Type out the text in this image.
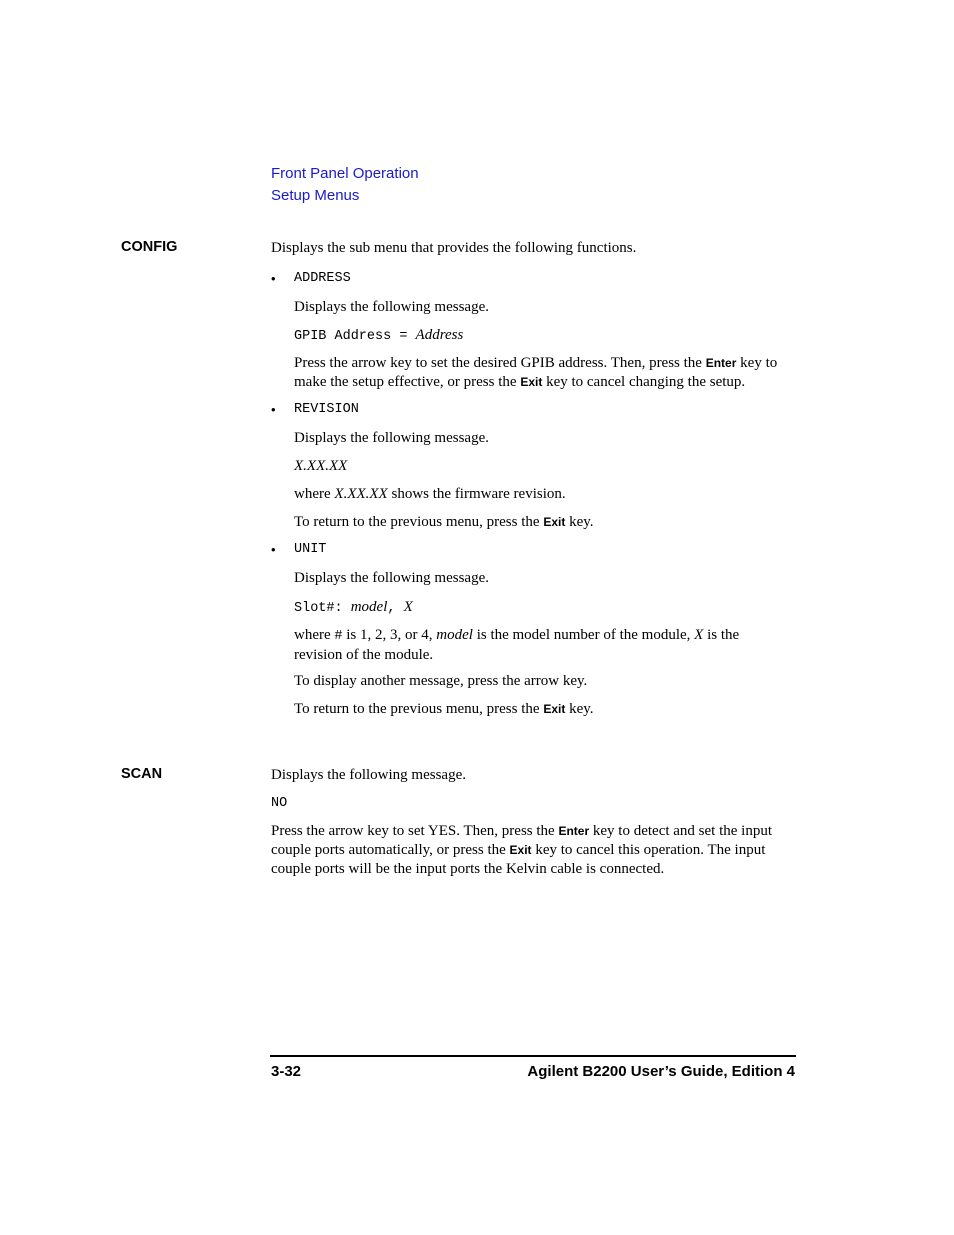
Front Panel Operation
Setup Menus
CONFIG	Displays the sub menu that provides the following functions.
• ADDRESS
Displays the following message.
GPIB Address = Address
Press the arrow key to set the desired GPIB address. Then, press the Enter key to make the setup effective, or press the Exit key to cancel changing the setup.
• REVISION
Displays the following message.
X.XX.XX
where X.XX.XX shows the firmware revision.
To return to the previous menu, press the Exit key.
• UNIT
Displays the following message.
Slot#: model, X
where # is 1, 2, 3, or 4, model is the model number of the module, X is the revision of the module.
To display another message, press the arrow key.
To return to the previous menu, press the Exit key.
SCAN	Displays the following message.
NO
Press the arrow key to set YES. Then, press the Enter key to detect and set the input couple ports automatically, or press the Exit key to cancel this operation. The input couple ports will be the input ports the Kelvin cable is connected.
3-32	Agilent B2200 User’s Guide, Edition 4
